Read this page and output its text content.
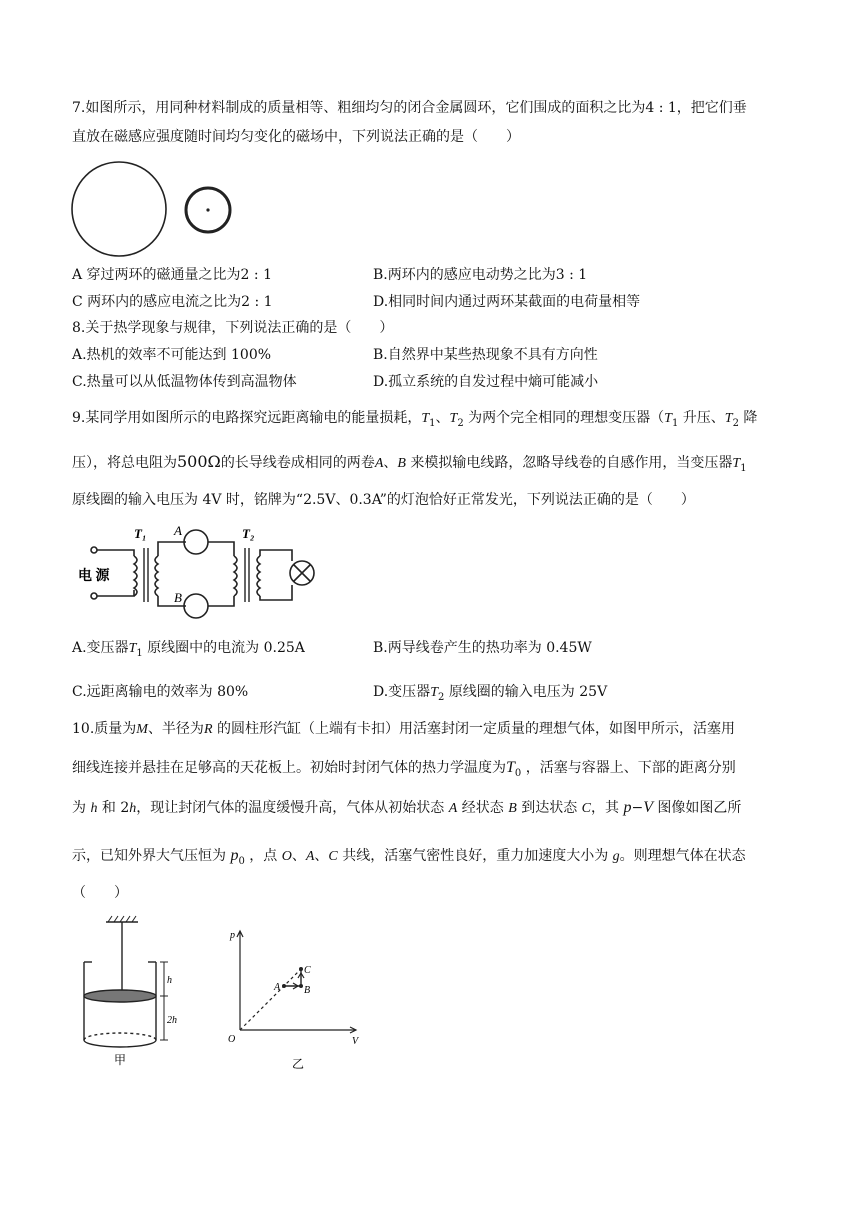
7.如图所示，用同种材料制成的质量相等、粗细均匀的闭合金属圆环，它们围成的面积之比为4 : 1，把它们垂
直放在磁感应强度随时间均匀变化的磁场中，下列说法正确的是（　　）
A 穿过两环的磁通量之比为2 : 1	B.两环内的感应电动势之比为3 : 1
C 两环内的感应电流之比为2 : 1	D.相同时间内通过两环某截面的电荷量相等
8.关于热学现象与规律，下列说法正确的是（　　）
A.热机的效率不可能达到 100%	B.自然界中某些热现象不具有方向性
C.热量可以从低温物体传到高温物体	D.孤立系统的自发过程中熵可能减小
9.某同学用如图所示的电路探究远距离输电的能量损耗，$T_1$、$T_2$ 为两个完全相同的理想变压器（$T_1$ 升压、$T_2$ 降
压），将总电阻为500Ω的长导线卷成相同的两卷A、B 来模拟输电线路，忽略导线卷的自感作用，当变压器$T_1$
原线圈的输入电压为 4V 时，铭牌为“2.5V、0.3A”的灯泡恰好正常发光，下列说法正确的是（　　）
电 源
T₁ A
B
T₂
A.变压器$T_1$ 原线圈中的电流为 0.25A	B.两导线卷产生的热功率为 0.45W
C.远距离输电的效率为 80%	D.变压器$T_2$ 原线圈的输入电压为 25V
10.质量为M、半径为R 的圆柱形汽缸（上端有卡扣）用活塞封闭一定质量的理想气体，如图甲所示，活塞用
细线连接并悬挂在足够高的天花板上。初始时封闭气体的热力学温度为$T_0$ ，活塞与容器上、下部的距离分别
为 h 和 2h，现让封闭气体的温度缓慢升高，气体从初始状态 A 经状态 B 到达状态 C，其 p−V 图像如图乙所
示，已知外界大气压恒为 $p_0$ ，点 O、A、C 共线，活塞气密性良好，重力加速度大小为 g。则理想气体在状态
（　　）
h
2h
甲
p
V
O
A B
C
乙
